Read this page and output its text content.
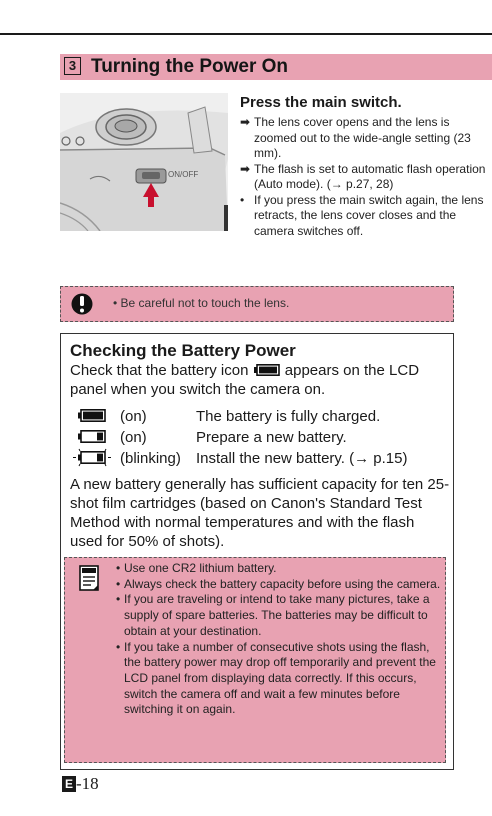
3 Turning the Power On
ON/OFF
Press the main switch.
➡ The lens cover opens and the lens is zoomed out to the wide-angle setting (23 mm).
➡ The flash is set to automatic flash operation (Auto mode). (→ p.27, 28)
• If you press the main switch again, the lens retracts, the lens cover closes and the camera switches off.
• Be careful not to touch the lens.
Checking the Battery Power
Check that the battery icon appears on the LCD panel when you switch the camera on.
(on)	The battery is fully charged.
(on)	Prepare a new battery.
(blinking) Install the new battery. (→ p.15)
A new battery generally has sufficient capacity for ten 25-shot film cartridges (based on Canon's Standard Test Method with normal temperatures and with the flash used for 50% of shots).
• Use one CR2 lithium battery.
• Always check the battery capacity before using the camera.
• If you are traveling or intend to take many pictures, take a supply of spare batteries. The batteries may be difficult to obtain at your destination.
• If you take a number of consecutive shots using the flash, the battery power may drop off temporarily and prevent the LCD panel from displaying data correctly. If this occurs, switch the camera off and wait a few minutes before switching it on again.
E -18
